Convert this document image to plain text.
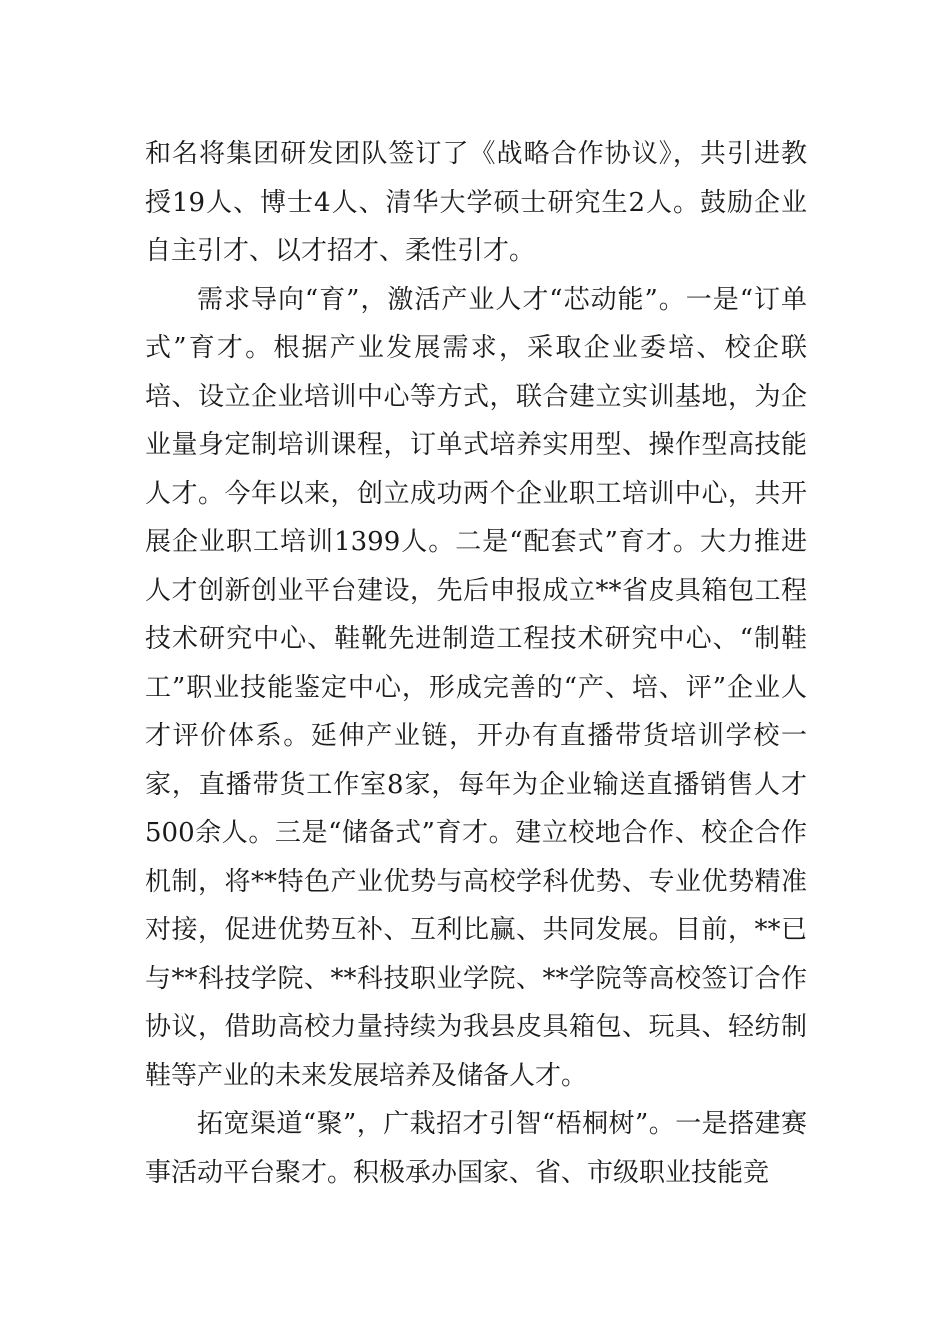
和名将集团研发团队签订了《战略合作协议》，共引进教授19人、博士4人、清华大学硕士研究生2人。鼓励企业自主引才、以才招才、柔性引才。

需求导向“育”，激活产业人才“芯动能”。一是“订单式”育才。根据产业发展需求，采取企业委培、校企联培、设立企业培训中心等方式，联合建立实训基地，为企业量身定制培训课程，订单式培养实用型、操作型高技能人才。今年以来，创立成功两个企业职工培训中心，共开展企业职工培训1399人。二是“配套式”育才。大力推进人才创新创业平台建设，先后申报成立**省皮具箱包工程技术研究中心、鞋靴先进制造工程技术研究中心、“制鞋工”职业技能鉴定中心，形成完善的“产、培、评”企业人才评价体系。延伸产业链，开办有直播带货培训学校一家，直播带货工作室8家，每年为企业输送直播销售人才500余人。三是“储备式”育才。建立校地合作、校企合作机制，将**特色产业优势与高校学科优势、专业优势精准对接，促进优势互补、互利比赢、共同发展。目前，**已与**科技学院、**科技职业学院、**学院等高校签订合作协议，借助高校力量持续为我县皮具箱包、玩具、轻纺制鞋等产业的未来发展培养及储备人才。

拓宽渠道“聚”，广栽招才引智“梧桐树”。一是搭建赛事活动平台聚才。积极承办国家、省、市级职业技能竞
